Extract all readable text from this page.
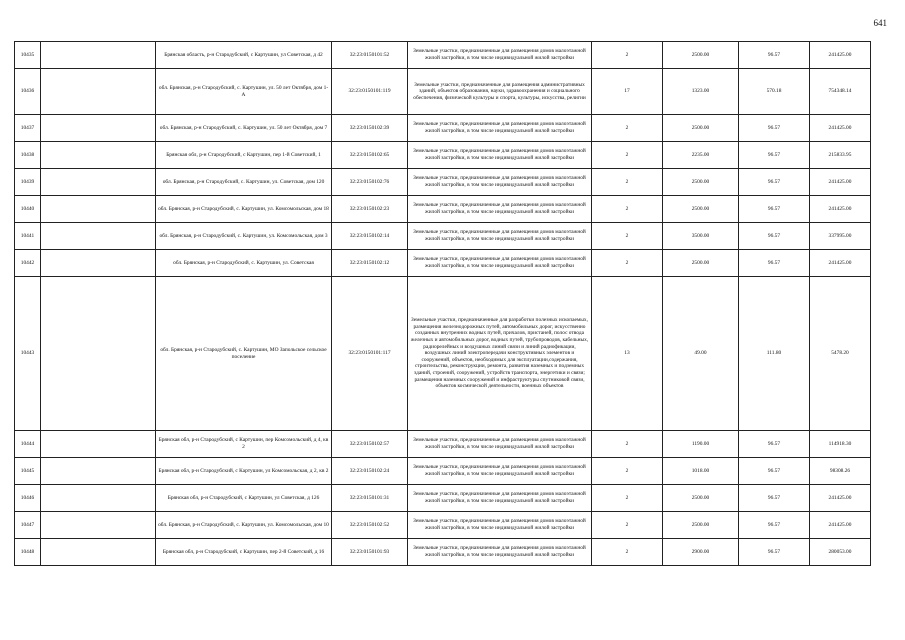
641
10435		Брянская область, р-н Стародубский, с Картушин, ул Советская, д 42	32:23:0150101:52	Земельные участки, предназначенные для размещения домов малоэтажной жилой застройки, в том числе индивидуальной жилой застройки	2	2500.00	96.57	241425.00
10436		обл. Брянская, р-н Стародубский, с. Картушин, ул. 50 лет Октября, дом 1-А	32:23:0150101:119	Земельные участки, предназначенные для размещения административных зданий, объектов образования, науки, здравоохранения и социального обеспечения, физической культуры и спорта, культуры, искусства, религии	17	1323.00	570.18	754348.14
10437		обл. Брянская, р-н Стародубский, с. Картушин, ул. 50 лет Октября, дом 7	32:23:0150102:39	Земельные участки, предназначенные для размещения домов малоэтажной жилой застройки, в том числе индивидуальной жилой застройки	2	2500.00	96.57	241425.00
10438		Брянская обл, р-н Стародубский, с Картушин, пер 1-й Советский, 1	32:23:0150102:65	Земельные участки, предназначенные для размещения домов малоэтажной жилой застройки, в том числе индивидуальной жилой застройки	2	2235.00	96.57	215833.95
10439		обл. Брянская, р-н Стародубский, с. Картушин, ул. Советская, дом 120	32:23:0150102:76	Земельные участки, предназначенные для размещения домов малоэтажной жилой застройки, в том числе индивидуальной жилой застройки	2	2500.00	96.57	241425.00
10440		обл. Брянская, р-н Стародубский, с. Картушин, ул. Комсомольская, дом 18	32:23:0150102:23	Земельные участки, предназначенные для размещения домов малоэтажной жилой застройки, в том числе индивидуальной жилой застройки	2	2500.00	96.57	241425.00
10441		обл. Брянская, р-н Стародубский, с. Картушин, ул. Комсомольская, дом 3	32:23:0150102:14	Земельные участки, предназначенные для размещения домов малоэтажной жилой застройки, в том числе индивидуальной жилой застройки	2	3500.00	96.57	337995.00
10442		обл. Брянская, р-н Стародубский, с. Картушин, ул. Советская	32:23:0150102:12	Земельные участки, предназначенные для размещения домов малоэтажной жилой застройки, в том числе индивидуальной жилой застройки	2	2500.00	96.57	241425.00
10443		обл. Брянская, р-н Стародубский, с. Картушин, МО Запольское сельское поселение	32:23:0150101:117	Земельные участки, предназначенные для разработки полезных ископаемых, размещения железнодорожных путей, автомобильных дорог, искусственно созданных внутренних водных путей, причалов, пристаней, полос отвода железных и автомобильных дорог, водных путей, трубопроводов, кабельных, радиорелейных и воздушных линий связи и линий радиофикации, воздушных линий электропередачи конструктивных элементов и сооружений, объектов, необходимых для эксплуатации,содержания, строительства, реконструкции, ремонта, развития наземных и подземных зданий, строений, сооружений, устройств транспорта, энергетики и связи; размещения наземных сооружений и инфраструктуры спутниковой связи, объектов космической деятельности, военных объектов	13	49.00	111.80	5478.20
10444		Брянская обл, р-н Стародубский, с Картушин, пер Комсомольский, д 4, кв 2	32:23:0150102:57	Земельные участки, предназначенные для размещения домов малоэтажной жилой застройки, в том числе индивидуальной жилой застройки	2	1190.00	96.57	114918.30
10445		Брянская обл, р-н Стародубский, с Картушин, ул Комсомольская, д 2, кв 2	32:23:0150102:24	Земельные участки, предназначенные для размещения домов малоэтажной жилой застройки, в том числе индивидуальной жилой застройки	2	1018.00	96.57	98308.26
10446		Брянская обл, р-н Стародубский, с Картушин, ул Советская, д 126	32:23:0150101:31	Земельные участки, предназначенные для размещения домов малоэтажной жилой застройки, в том числе индивидуальной жилой застройки	2	2500.00	96.57	241425.00
10447		обл. Брянская, р-н Стародубский, с. Картушин, ул. Комсомольская, дом 10	32:23:0150102:52	Земельные участки, предназначенные для размещения домов малоэтажной жилой застройки, в том числе индивидуальной жилой застройки	2	2500.00	96.57	241425.00
10448		Брянская обл, р-н Стародубский, с Картушин, пер 2-й Советский, д 16	32:23:0150101:93	Земельные участки, предназначенные для размещения домов малоэтажной жилой застройки, в том числе индивидуальной жилой застройки	2	2900.00	96.57	280053.00
